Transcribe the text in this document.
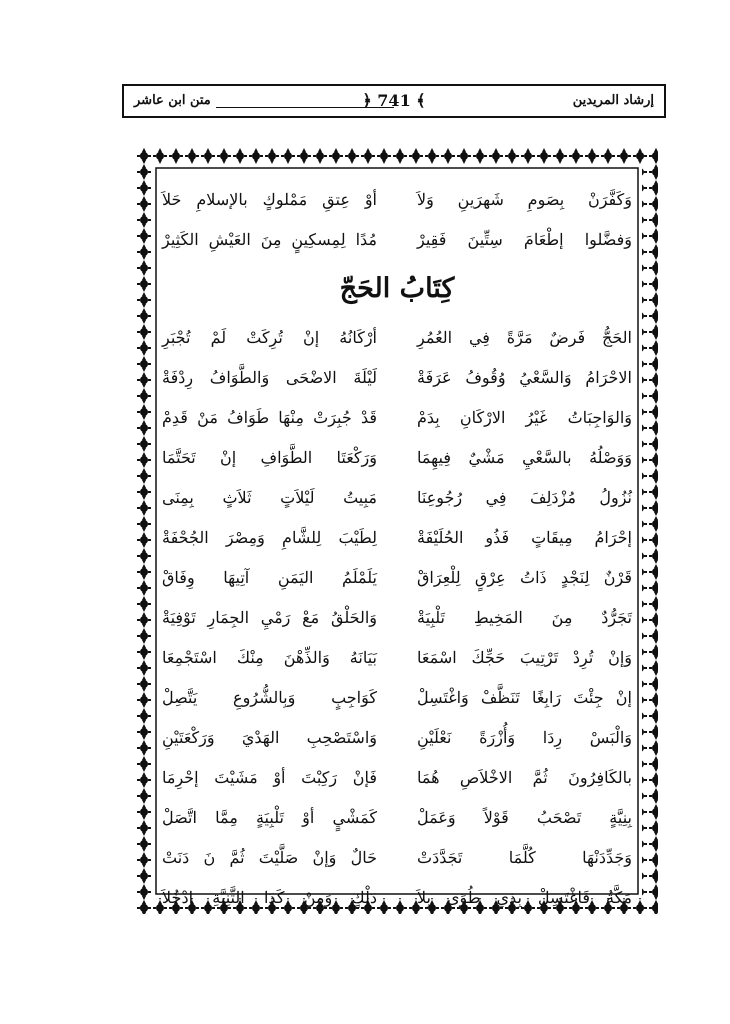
متن ابن عاشر	﴿ 741 ﴾	إرشاد المريدين
وَكَفَّرَنْ بِصَومِ شَهرَينِ وَلاَ
أوْ عِتقِ مَمْلوكٍ بالإسلامِ حَلاَ
وَفضَّلوا إطْعَامَ سِتِّينَ فَقِيرْ
مُدًا لِمِسكِينٍ مِنَ العَيْشِ الكَثِيرْ
كِتَابُ الحَجّ
الحَجُّ فَرضٌ مَرَّةً فِي العُمُرِ
أرْكَانُهُ إنْ تُرِكَتْ لَمْ تُجْبَرِ
الاحْرَامُ وَالسَّعْيُ وُقُوفُ عَرَفَةْ
لَيْلَةَ الاضْحَى وَالطَّوَافُ رِدْفَةْ
وَالوَاجِبَاتُ غَيْرُ الارْكَانِ بِدَمْ
قَدْ جُبِرَتْ مِنْهَا طَوَافُ مَنْ قَدِمْ
وَوَصْلُهُ بالسَّعْيِ مَشْيٌ فِيهِمَا
وَرَكْعَتَا الطَّوَافِ إنْ تَحَتَّمَا
نُزُولُ مُزْدَلِفَ فِي رُجُوعِنَا
مَبِيتُ لَيْلاَتٍ ثَلاَثٍ بِمِنَى
إحْرَامُ مِيقَاتٍ فَذُو الحُلَيْفَةْ
لِطَيْبَ لِلشَّامِ وَمِصْرَ الجُحْفَةْ
قَرْنٌ لِنَجْدٍ ذَاتُ عِرْقٍ لِلْعِرَاقْ
يَلَمْلَمُ اليَمَنِ آتِيهَا وِفَاقْ
تَجَرُّدٌ مِنَ المَخِيطِ تَلْبِيَةْ
وَالحَلْقُ مَعْ رَمْيِ الجِمَارِ تَوْفِيَةْ
وَإنْ تُرِدْ تَرْتِيبَ حَجِّكَ اسْمَعَا
بَيَانَهُ وَالذِّهْنَ مِنْكَ اسْتَجْمِعَا
إنْ جِئْتَ رَابِغًا تَنَظَّفْ وَاغْتَسِلْ
كَوَاجِبٍ وَبِالشُّرُوعِ يَتَّصِلْ
وَالْبَسْ رِدَا وَأُزْرَةً نَعْلَيْنِ
وَاسْتَصْحِبِ الهَدْيَ وَرَكْعَتَيْنِ
بالكَافِرُونَ ثُمَّ الاخْلاَصِ هُمَا
فَإنْ رَكِبْتَ أوْ مَشَيْتَ إحْرِمَا
بِنِيَّةٍ تَصْحَبُ قَوْلاً وَعَمَلْ
كَمَشْيٍ أوْ تَلْبِيَةٍ مِمَّا اتَّصَلْ
وَجَدِّدَنْهَا كُلَّمَا تَجَدَّدَتْ
حَالٌ وَإنْ صَلَّيْتَ ثُمَّ نَ دَنَتْ
مَكَّةُ فَاغْتَسِلْ بِذِي طُوًى بِلاَ
دَلْكٍ وَمِنْ كَدَا الثَّنِيَّةِ ادْخُلاَ
